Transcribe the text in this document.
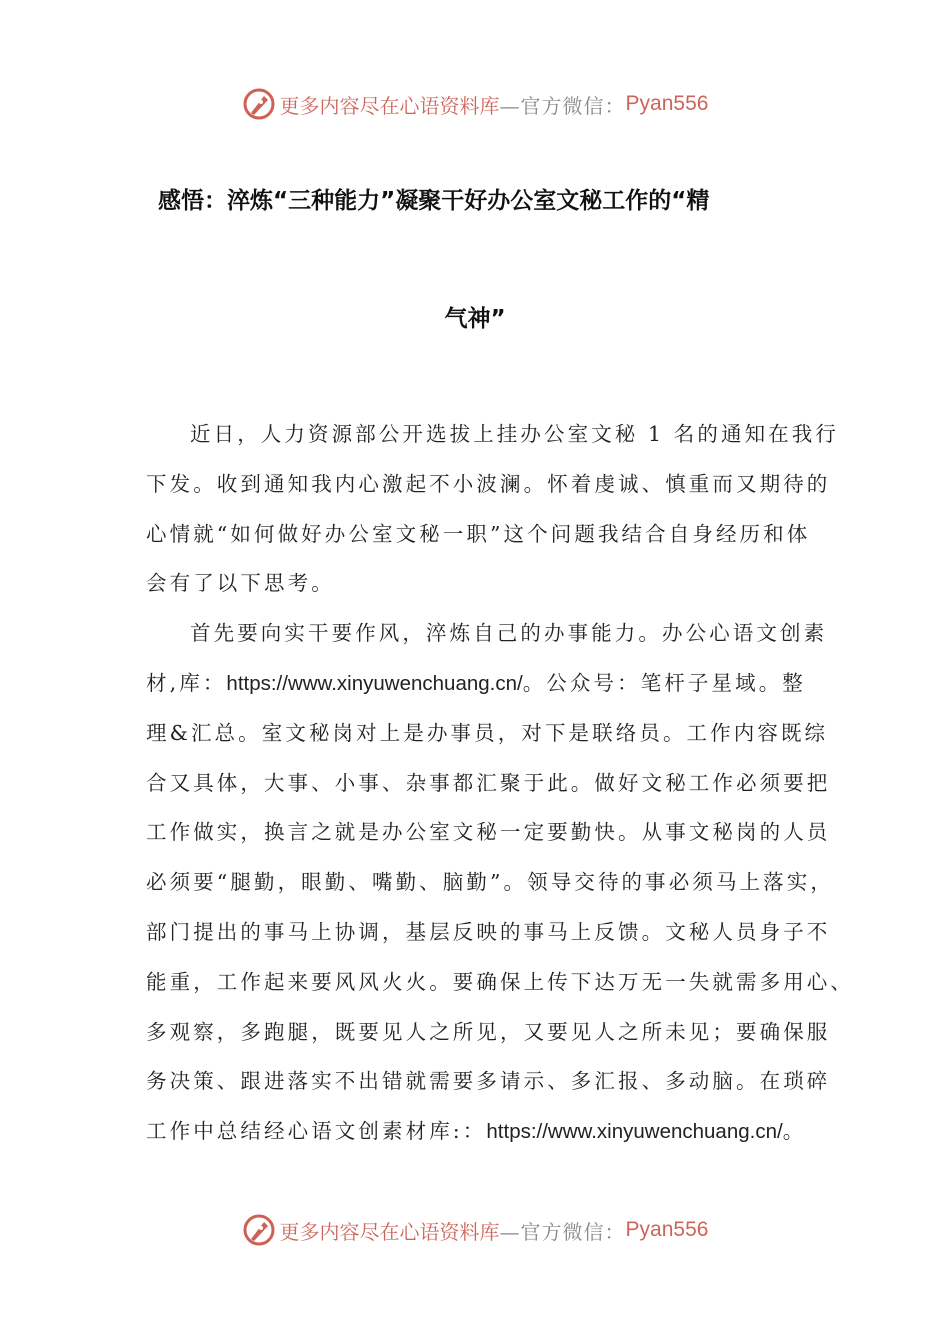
更多内容尽在心语资料库 —官方微信： Pyan556
感悟：淬炼“三种能力”凝聚干好办公室文秘工作的“精
气神”
近日，人力资源部公开选拔上挂办公室文秘 1 名的通知在我行
下发。收到通知我内心激起不小波澜。怀着虔诚、慎重而又期待的
心情就“如何做好办公室文秘一职”这个问题我结合自身经历和体
会有了以下思考。
首先要向实干要作风，淬炼自己的办事能力。办公心语文创素
材,库：https://www.xinyuwenchuang.cn/。公众号：笔杆子星域。整
理&汇总。室文秘岗对上是办事员，对下是联络员。工作内容既综
合又具体，大事、小事、杂事都汇聚于此。做好文秘工作必须要把
工作做实，换言之就是办公室文秘一定要勤快。从事文秘岗的人员
必须要“腿勤，眼勤、嘴勤、脑勤”。领导交待的事必须马上落实，
部门提出的事马上协调，基层反映的事马上反馈。文秘人员身子不
能重，工作起来要风风火火。要确保上传下达万无一失就需多用心、
多观察，多跑腿，既要见人之所见，又要见人之所未见；要确保服
务决策、跟进落实不出错就需要多请示、多汇报、多动脑。在琐碎
工作中总结经心语文创素材库:：https://www.xinyuwenchuang.cn/。
更多内容尽在心语资料库 —官方微信： Pyan556
